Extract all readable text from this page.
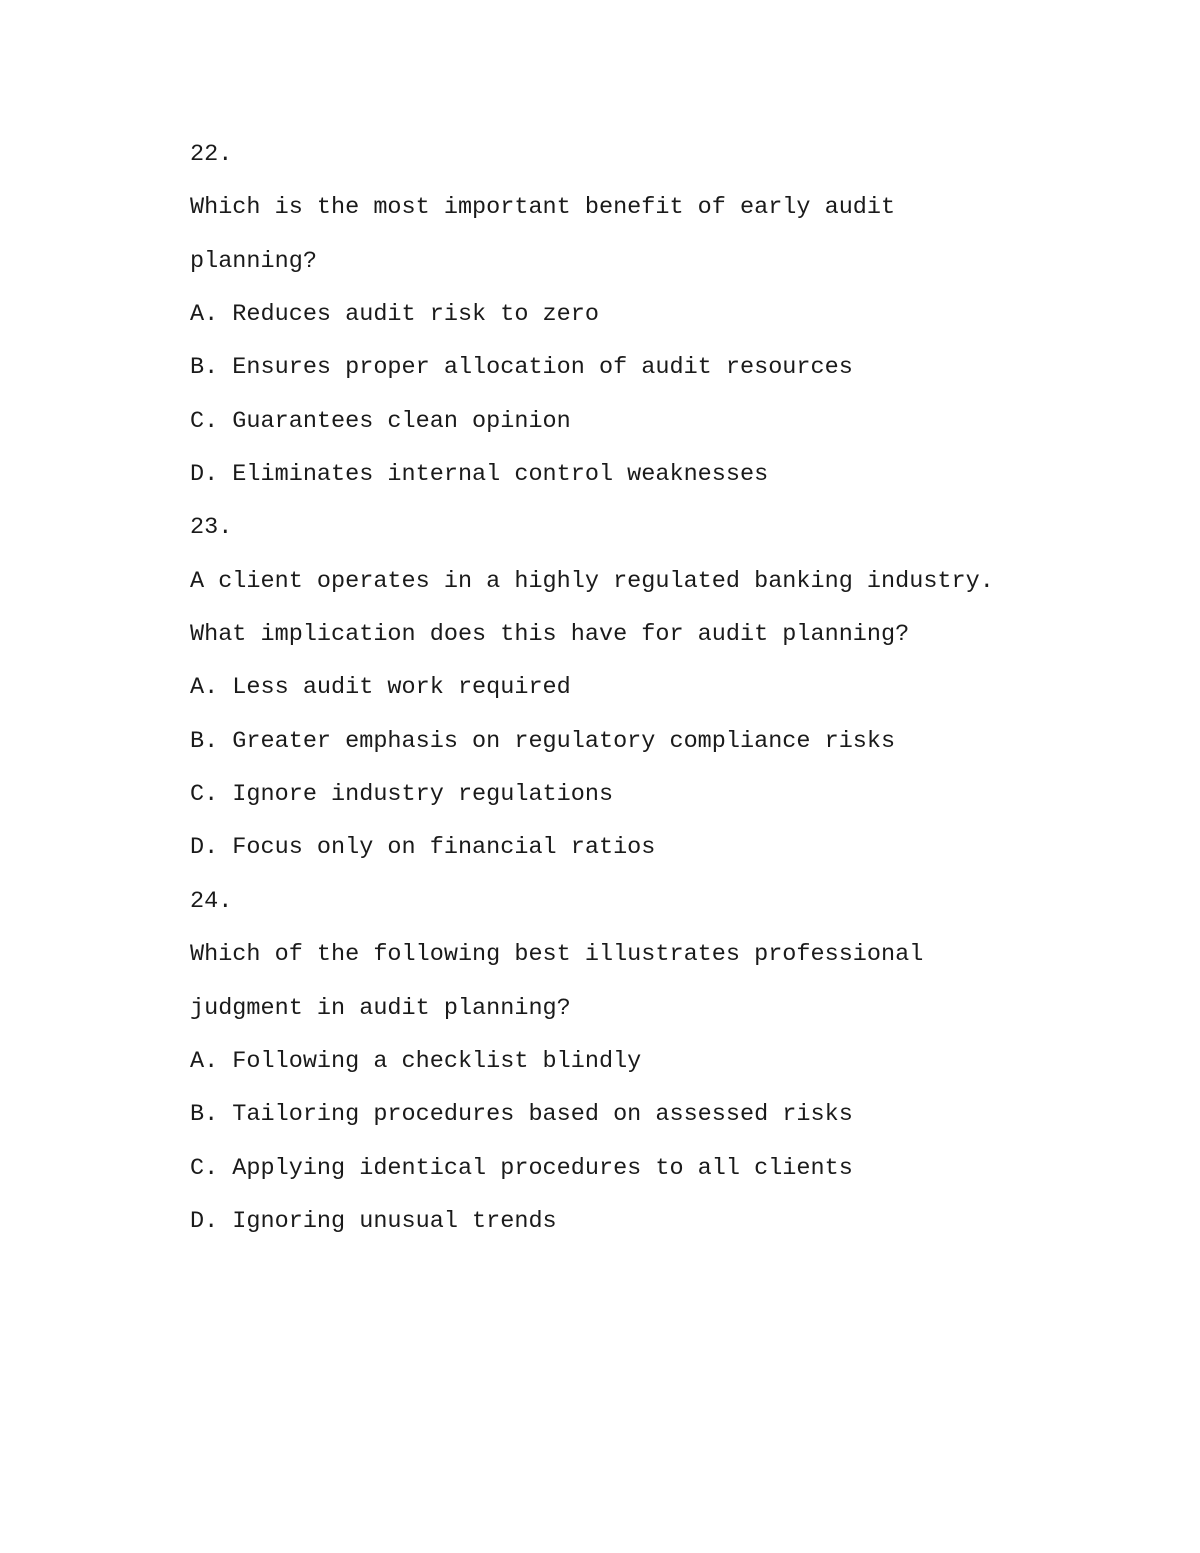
22.
Which is the most important benefit of early audit
planning?
A. Reduces audit risk to zero
B. Ensures proper allocation of audit resources
C. Guarantees clean opinion
D. Eliminates internal control weaknesses
23.
A client operates in a highly regulated banking industry.
What implication does this have for audit planning?
A. Less audit work required
B. Greater emphasis on regulatory compliance risks
C. Ignore industry regulations
D. Focus only on financial ratios
24.
Which of the following best illustrates professional
judgment in audit planning?
A. Following a checklist blindly
B. Tailoring procedures based on assessed risks
C. Applying identical procedures to all clients
D. Ignoring unusual trends
